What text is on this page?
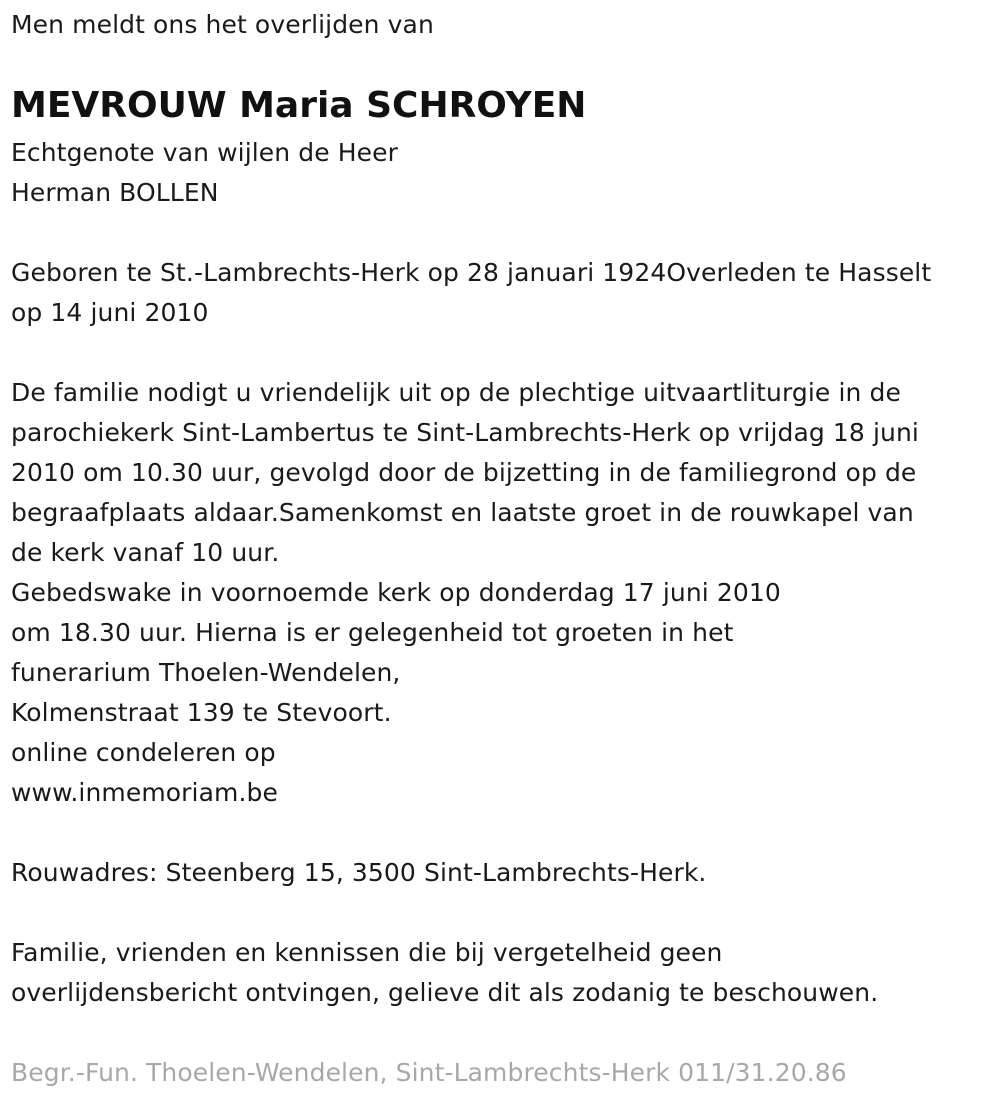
Men meldt ons het overlijden van
MEVROUW Maria SCHROYEN
Echtgenote van wijlen de Heer
Herman BOLLEN
Geboren te St.-Lambrechts-Herk op 28 januari 1924Overleden te Hasselt
op 14 juni 2010
De familie nodigt u vriendelijk uit op de plechtige uitvaartliturgie in de
parochiekerk Sint-Lambertus te Sint-Lambrechts-Herk op vrijdag 18 juni
2010 om 10.30 uur, gevolgd door de bijzetting in de familiegrond op de
begraafplaats aldaar.Samenkomst en laatste groet in de rouwkapel van
de kerk vanaf 10 uur.
Gebedswake in voornoemde kerk op donderdag 17 juni 2010
om 18.30 uur. Hierna is er gelegenheid tot groeten in het
funerarium Thoelen-Wendelen,
Kolmenstraat 139 te Stevoort.
online condeleren op
www.inmemoriam.be
Rouwadres: Steenberg 15, 3500 Sint-Lambrechts-Herk.
Familie, vrienden en kennissen die bij vergetelheid geen
overlijdensbericht ontvingen, gelieve dit als zodanig te beschouwen.
Begr.-Fun. Thoelen-Wendelen, Sint-Lambrechts-Herk 011/31.20.86
